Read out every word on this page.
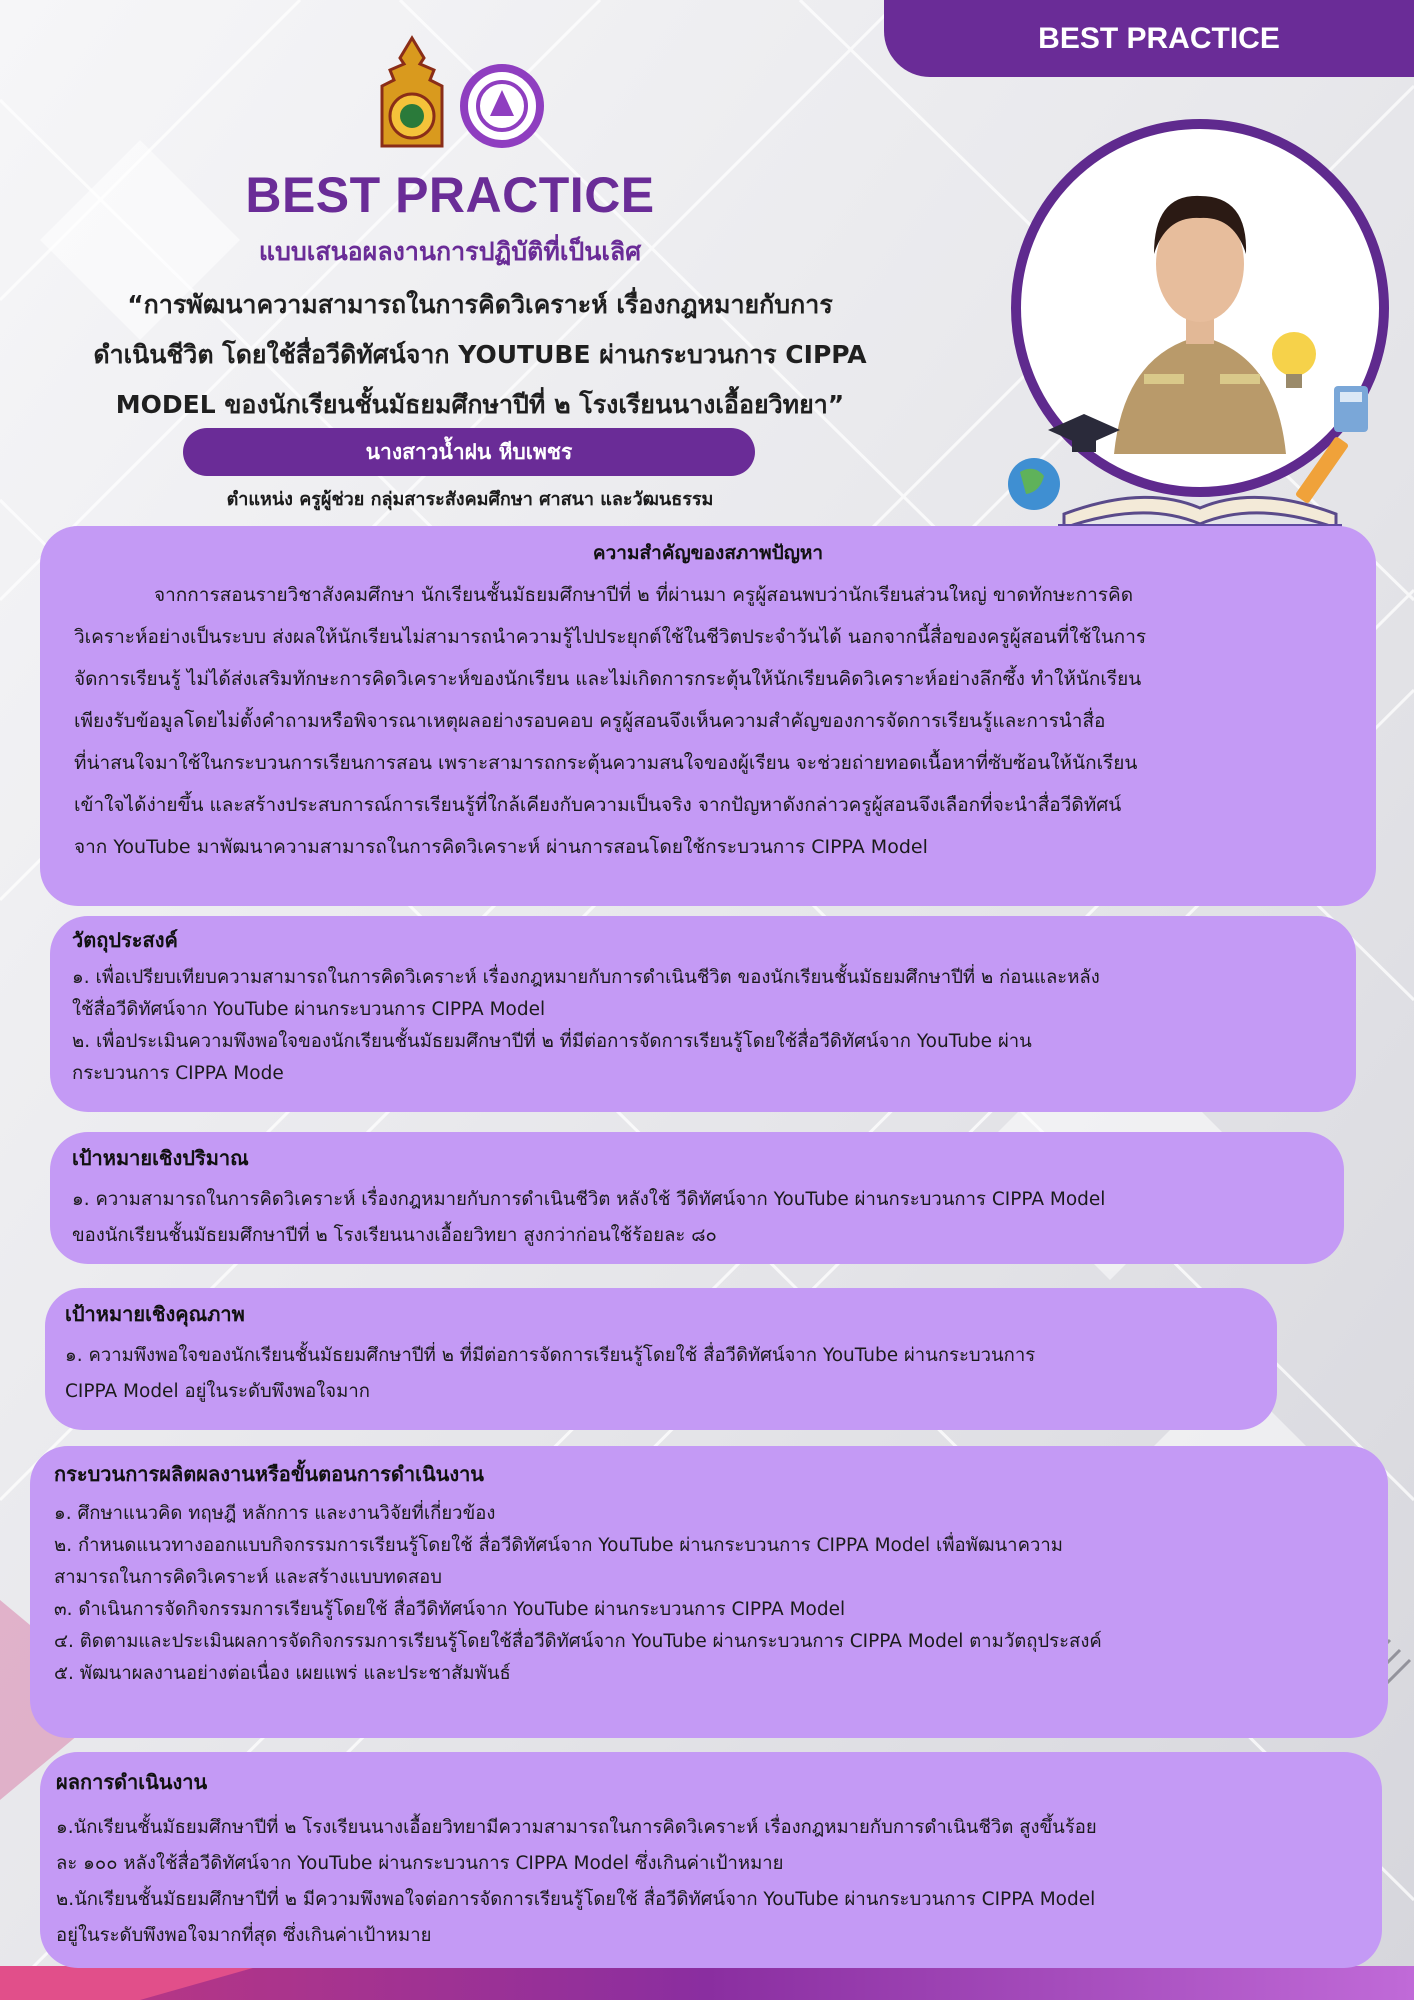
BEST PRACTICE
BEST PRACTICE
แบบเสนอผลงานการปฏิบัติที่เป็นเลิศ
“การพัฒนาความสามารถในการคิดวิเคราะห์ เรื่องกฎหมายกับการ
ดำเนินชีวิต โดยใช้สื่อวีดิทัศน์จาก YOUTUBE ผ่านกระบวนการ CIPPA
MODEL ของนักเรียนชั้นมัธยมศึกษาปีที่ ๒ โรงเรียนนางเอื้อยวิทยา”
นางสาวน้ำฝน หีบเพชร
ตำแหน่ง ครูผู้ช่วย กลุ่มสาระสังคมศึกษา ศาสนา และวัฒนธรรม
ความสำคัญของสภาพปัญหา

จากการสอนรายวิชาสังคมศึกษา นักเรียนชั้นมัธยมศึกษาปีที่ ๒ ที่ผ่านมา ครูผู้สอนพบว่านักเรียนส่วนใหญ่ ขาดทักษะการคิด

วิเคราะห์อย่างเป็นระบบ ส่งผลให้นักเรียนไม่สามารถนำความรู้ไปประยุกต์ใช้ในชีวิตประจำวันได้ นอกจากนี้สื่อของครูผู้สอนที่ใช้ในการ

จัดการเรียนรู้ ไม่ได้ส่งเสริมทักษะการคิดวิเคราะห์ของนักเรียน และไม่เกิดการกระตุ้นให้นักเรียนคิดวิเคราะห์อย่างลึกซึ้ง ทำให้นักเรียน

เพียงรับข้อมูลโดยไม่ตั้งคำถามหรือพิจารณาเหตุผลอย่างรอบคอบ ครูผู้สอนจึงเห็นความสำคัญของการจัดการเรียนรู้และการนำสื่อ

ที่น่าสนใจมาใช้ในกระบวนการเรียนการสอน เพราะสามารถกระตุ้นความสนใจของผู้เรียน จะช่วยถ่ายทอดเนื้อหาที่ซับซ้อนให้นักเรียน

เข้าใจได้ง่ายขึ้น และสร้างประสบการณ์การเรียนรู้ที่ใกล้เคียงกับความเป็นจริง จากปัญหาดังกล่าวครูผู้สอนจึงเลือกที่จะนำสื่อวีดิทัศน์

จาก YouTube มาพัฒนาความสามารถในการคิดวิเคราะห์ ผ่านการสอนโดยใช้กระบวนการ CIPPA Model

วัตถุประสงค์

๑. เพื่อเปรียบเทียบความสามารถในการคิดวิเคราะห์ เรื่องกฎหมายกับการดำเนินชีวิต ของนักเรียนชั้นมัธยมศึกษาปีที่ ๒ ก่อนและหลัง

ใช้สื่อวีดิทัศน์จาก YouTube ผ่านกระบวนการ CIPPA Model

๒. เพื่อประเมินความพึงพอใจของนักเรียนชั้นมัธยมศึกษาปีที่ ๒ ที่มีต่อการจัดการเรียนรู้โดยใช้สื่อวีดิทัศน์จาก YouTube ผ่าน

กระบวนการ CIPPA Mode

เป้าหมายเชิงปริมาณ

๑. ความสามารถในการคิดวิเคราะห์ เรื่องกฎหมายกับการดำเนินชีวิต หลังใช้ วีดิทัศน์จาก YouTube ผ่านกระบวนการ CIPPA Model

ของนักเรียนชั้นมัธยมศึกษาปีที่ ๒ โรงเรียนนางเอื้อยวิทยา สูงกว่าก่อนใช้ร้อยละ ๘๐

เป้าหมายเชิงคุณภาพ

๑. ความพึงพอใจของนักเรียนชั้นมัธยมศึกษาปีที่ ๒ ที่มีต่อการจัดการเรียนรู้โดยใช้ สื่อวีดิทัศน์จาก YouTube ผ่านกระบวนการ

CIPPA Model อยู่ในระดับพึงพอใจมาก

กระบวนการผลิตผลงานหรือขั้นตอนการดำเนินงาน

๑. ศึกษาแนวคิด ทฤษฎี หลักการ และงานวิจัยที่เกี่ยวข้อง

๒. กำหนดแนวทางออกแบบกิจกรรมการเรียนรู้โดยใช้ สื่อวีดิทัศน์จาก YouTube ผ่านกระบวนการ CIPPA Model เพื่อพัฒนาความ

สามารถในการคิดวิเคราะห์ และสร้างแบบทดสอบ

๓. ดำเนินการจัดกิจกรรมการเรียนรู้โดยใช้ สื่อวีดิทัศน์จาก YouTube ผ่านกระบวนการ CIPPA Model

๔. ติดตามและประเมินผลการจัดกิจกรรมการเรียนรู้โดยใช้สื่อวีดิทัศน์จาก YouTube ผ่านกระบวนการ CIPPA Model ตามวัตถุประสงค์

๕. พัฒนาผลงานอย่างต่อเนื่อง เผยแพร่ และประชาสัมพันธ์

ผลการดำเนินงาน

๑.นักเรียนชั้นมัธยมศึกษาปีที่ ๒ โรงเรียนนางเอื้อยวิทยามีความสามารถในการคิดวิเคราะห์ เรื่องกฎหมายกับการดำเนินชีวิต สูงขึ้นร้อย

ละ ๑๐๐ หลังใช้สื่อวีดิทัศน์จาก YouTube ผ่านกระบวนการ CIPPA Model ซึ่งเกินค่าเป้าหมาย

๒.นักเรียนชั้นมัธยมศึกษาปีที่ ๒ มีความพึงพอใจต่อการจัดการเรียนรู้โดยใช้ สื่อวีดิทัศน์จาก YouTube ผ่านกระบวนการ CIPPA Model

อยู่ในระดับพึงพอใจมากที่สุด ซึ่งเกินค่าเป้าหมาย
